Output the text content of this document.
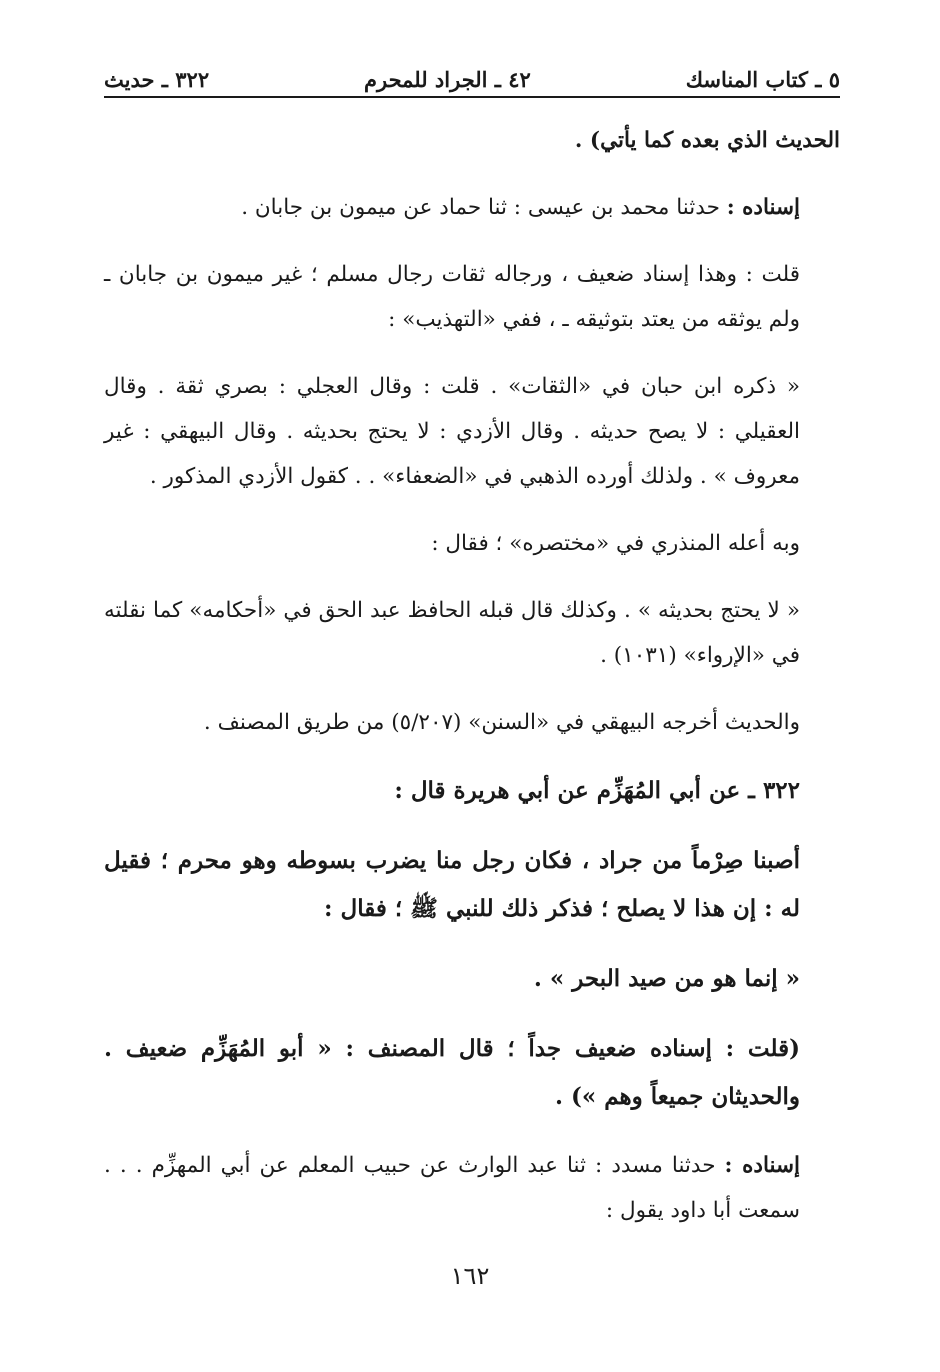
٥ ـ كتاب المناسك
٤٢ ـ الجراد للمحرم
٣٢٢ ـ حديث

الحديث الذي بعده كما يأتي) .

إسناده : حدثنا محمد بن عيسى : ثنا حماد عن ميمون بن جابان .

قلت : وهذا إسناد ضعيف ، ورجاله ثقات رجال مسلم ؛ غير ميمون بن جابان ـ ولم يوثقه من يعتد بتوثيقه ـ ، ففي «التهذيب» :

« ذكره ابن حبان في «الثقات» . قلت : وقال العجلي : بصري ثقة . وقال العقيلي : لا يصح حديثه . وقال الأزدي : لا يحتج بحديثه . وقال البيهقي : غير معروف » . ولذلك أورده الذهبي في «الضعفاء» . . كقول الأزدي المذكور .

وبه أعله المنذري في «مختصره» ؛ فقال :

« لا يحتج بحديثه » . وكذلك قال قبله الحافظ عبد الحق في «أحكامه» كما نقلته في «الإرواء» (١٠٣١) .

والحديث أخرجه البيهقي في «السنن» (٥/٢٠٧) من طريق المصنف .

٣٢٢ ـ عن أبي المُهَزِّم عن أبي هريرة قال :

أصبنا صِرْماً من جراد ، فكان رجل منا يضرب بسوطه وهو محرم ؛ فقيل له : إن هذا لا يصلح ؛ فذكر ذلك للنبي ﷺ ؛ فقال :

« إنما هو من صيد البحر » .

(قلت : إسناده ضعيف جداً ؛ قال المصنف : « أبو المُهَزِّم ضعيف . والحديثان جميعاً وهم ») .

إسناده : حدثنا مسدد : ثنا عبد الوارث عن حبيب المعلم عن أبي المهزِّم . . . سمعت أبا داود يقول :

١٦٢
